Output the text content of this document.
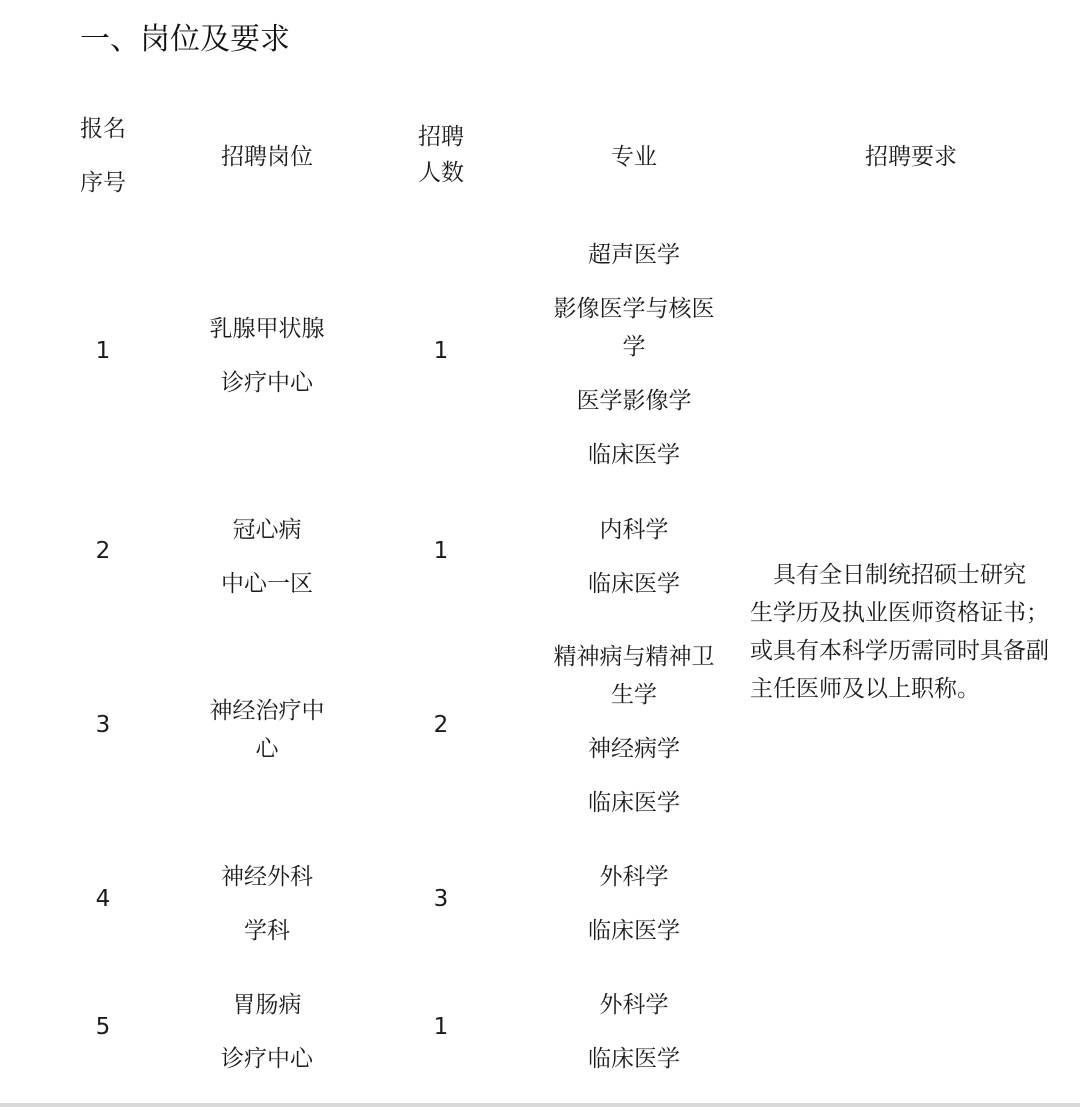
一、岗位及要求
报名
序号
招聘岗位
招聘
人数
专业	招聘要求
1
乳腺甲状腺
诊疗中心
1
超声医学
影像医学与核医
学
医学影像学
临床医学
2
冠心病
中心一区
1
内科学
临床医学
3
神经治疗中
心
2
精神病与精神卫
生学
神经病学
临床医学
4
神经外科
学科
3
外科学
临床医学
5
胃肠病
诊疗中心
1
外科学
临床医学
　具有全日制统招硕士研究
生学历及执业医师资格证书；
或具有本科学历需同时具备副
主任医师及以上职称。
